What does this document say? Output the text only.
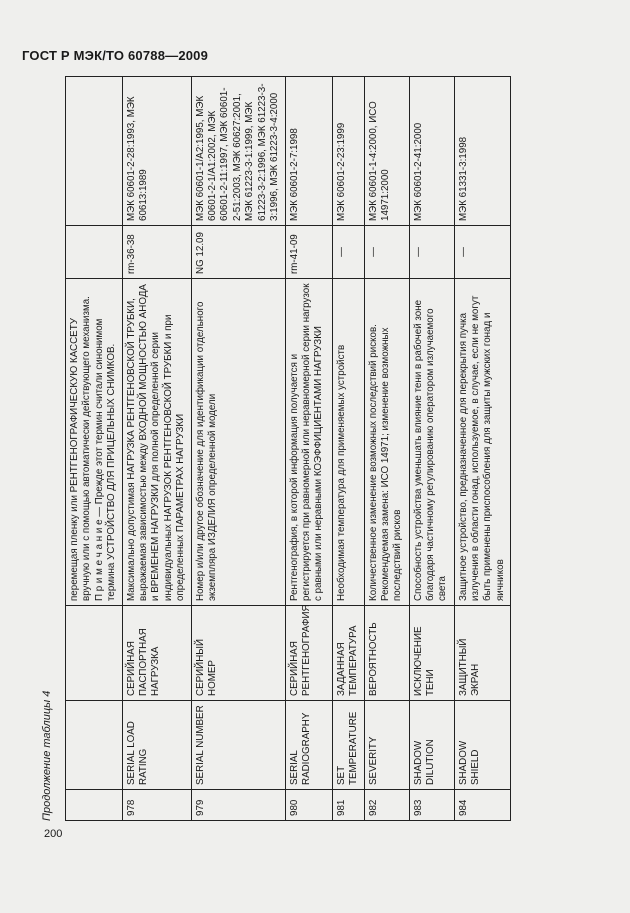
ГОСТ Р МЭК/ТО 60788—2009
200
Продолжение таблицы 4
			перемещая пленку или РЕНТГЕНОГРАФИЧЕСКУЮ КАССЕТУ вручную или с помощью автоматически действующего механизма.
П р и м е ч а н и е — Прежде этот термин считали синонимом термина УСТРОЙСТВО ДЛЯ ПРИЦЕЛЬНЫХ СНИМКОВ.		
978	SERIAL LOAD RATING	СЕРИЙНАЯ ПАСПОРТНАЯ НАГРУЗКА	Максимально допустимая НАГРУЗКА РЕНТГЕНОВСКОЙ ТРУБКИ, выражаемая зависимостью между ВХОДНОЙ МОЩНОСТЬЮ АНОДА и ВРЕМЕНЕМ НАГРУЗКИ для полной определенной серии индивидуальных НАГРУЗОК РЕНТГЕНОВСКОЙ ТРУБКИ и при определенных ПАРАМЕТРАХ НАГРУЗКИ	rm-36-38	МЭК 60601-2-28:1993, МЭК 60613:1989
979	SERIAL NUMBER	СЕРИЙНЫЙ НОМЕР	Номер и/или другое обозначение для идентификации отдельного экземпляра ИЗДЕЛИЯ определенной модели	NG 12.09	МЭК 60601-1/А2:1995, МЭК 60601-2-1/А1:2002, МЭК 60601-2-11:1997, МЭК 60601-2-51:2003, МЭК 60627:2001, МЭК 61223-3-1:1999, МЭК 61223-3-2:1996, МЭК 61223-3-3:1996, МЭК 61223-3-4:2000
980	SERIAL RADIOGRAPHY	СЕРИЙНАЯ РЕНТГЕНОГРАФИЯ	Рентгенография, в которой информация получается и регистрируется при равномерной или неравномерной серии нагрузок с равными или неравными КОЭФФИЦИЕНТАМИ НАГРУЗКИ	rm-41-09	МЭК 60601-2-7:1998
981	SET TEMPERATURE	ЗАДАННАЯ ТЕМПЕРАТУРА	Необходимая температура для применяемых устройств	—	МЭК 60601-2-23:1999
982	SEVERITY	ВЕРОЯТНОСТЬ	Количественное изменение возможных последствий рисков. Рекомендуемая замена: ИСО 14971; изменение возможных последствий рисков	—	МЭК 60601-1-4:2000, ИСО 14971:2000
983	SHADOW DILUTION	ИСКЛЮЧЕНИЕ ТЕНИ	Способность устройства уменьшать влияние тени в рабочей зоне благодаря частичному регулированию оператором излучаемого света	—	МЭК 60601-2-41:2000
984	SHADOW SHIELD	ЗАЩИТНЫЙ ЭКРАН	Защитное устройство, предназначенное для перекрытия пучка излучения в области гонад, используемое, в случае, если не могут быть применены приспособления для защиты мужских гонад и яичников	—	МЭК 61331-3:1998
